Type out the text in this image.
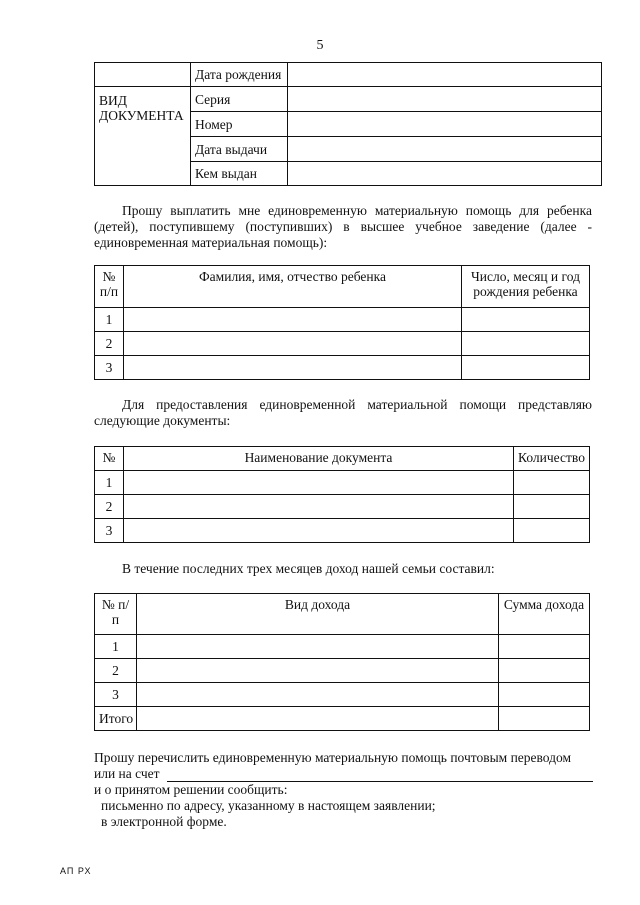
5
	Дата рождения	
ВИД ДОКУМЕНТА	Серия	
	Номер	
	Дата выдачи	
	Кем выдан	
Прошу выплатить мне единовременную материальную помощь для ребенка (детей), поступившему (поступивших) в высшее учебное заведение (далее - единовременная материальная помощь):
№ п/п	Фамилия, имя, отчество ребенка	Число, месяц и год рождения ребенка
1		
2		
3		
Для предоставления единовременной материальной помощи представляю следующие документы:
№	Наименование документа	Количество
1		
2		
3		
В течение последних трех месяцев доход нашей семьи составил:
№ п/п	Вид дохода	Сумма дохода
1		
2		
3		
Итого		
Прошу перечислить единовременную материальную помощь почтовым переводом
или на счет
и о принятом решении сообщить:
письменно по адресу, указанному в настоящем заявлении;
в электронной форме.
АП РХ
